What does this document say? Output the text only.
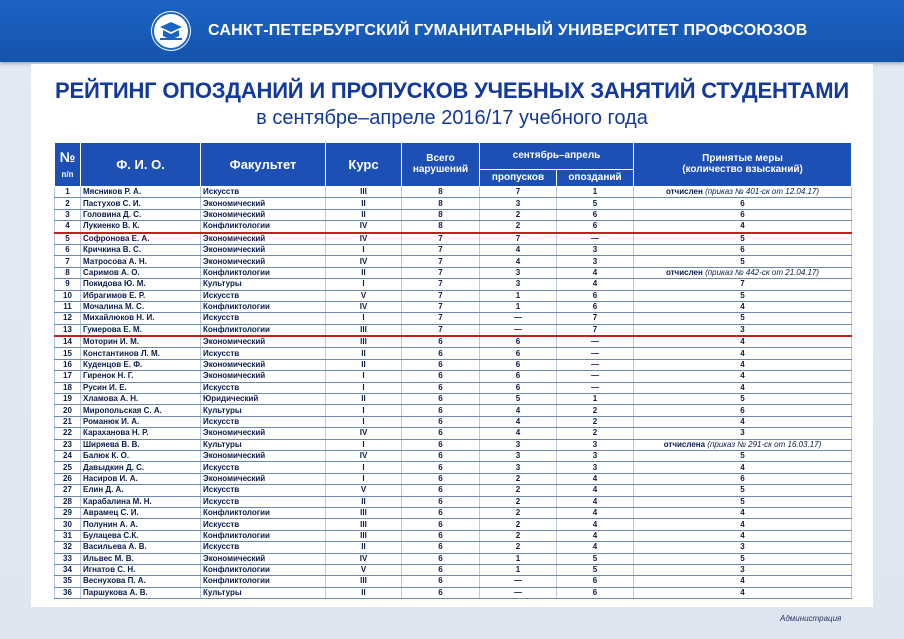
САНКТ-ПЕТЕРБУРГСКИЙ ГУМАНИТАРНЫЙ УНИВЕРСИТЕТ ПРОФСОЮЗОВ
РЕЙТИНГ ОПОЗДАНИЙ И ПРОПУСКОВ УЧЕБНЫХ ЗАНЯТИЙ СТУДЕНТАМИ
в сентябре–апреле 2016/17 учебного года
№
п/п	Ф. И. О.	Факультет	Курс	Всего
нарушений	сентябрь–апрель		Принятые меры
(количество взысканий)
					пропусков	опозданий	
1	Мясников Р. А.	Искусств	III	8	7	1	отчислен (приказ № 401-ск от 12.04.17)
2	Пастухов С. И.	Экономический	II	8	3	5	6
3	Головина Д. С.	Экономический	II	8	2	6	6
4	Лукиенко В. К.	Конфликтологии	IV	8	2	6	4
5	Софронова Е. А.	Экономический	IV	7	7	—	5
6	Кричкина В. С.	Экономический	I	7	4	3	6
7	Матросова А. Н.	Экономический	IV	7	4	3	5
8	Саримов А. О.	Конфликтологии	II	7	3	4	отчислен (приказ № 442-ск от 21.04.17)
9	Покидова Ю. М.	Культуры	I	7	3	4	7
10	Ибрагимов Е. Р.	Искусств	V	7	1	6	5
11	Мочалина М. С.	Конфликтологии	IV	7	1	6	4
12	Михайлюков Н. И.	Искусств	I	7	—	7	5
13	Гумерова Е. М.	Конфликтологии	III	7	—	7	3
14	Моторин И. М.	Экономический	III	6	6	—	4
15	Константинов Л. М.	Искусств	II	6	6	—	4
16	Куденцов Е. Ф.	Экономический	II	6	6	—	4
17	Гиренок Н. Г.	Экономический	I	6	6	—	4
18	Русин И. Е.	Искусств	I	6	6	—	4
19	Хламова А. Н.	Юридический	II	6	5	1	5
20	Миропольская С. А.	Культуры	I	6	4	2	6
21	Романюк И. А.	Искусств	I	6	4	2	4
22	Караханова Н. Р.	Экономический	IV	6	4	2	3
23	Ширяева В. В.	Культуры	I	6	3	3	отчислена (приказ № 291-ск от 16.03.17)
24	Балюк К. О.	Экономический	IV	6	3	3	5
25	Давыдкин Д. С.	Искусств	I	6	3	3	4
26	Насиров И. А.	Экономический	I	6	2	4	6
27	Елин Д. А.	Искусств	V	6	2	4	5
28	Карабалина М. Н.	Искусств	II	6	2	4	5
29	Аврамец С. И.	Конфликтологии	III	6	2	4	4
30	Полунин А. А.	Искусств	III	6	2	4	4
31	Булацева С.К.	Конфликтологии	III	6	2	4	4
32	Васильева А. В.	Искусств	II	6	2	4	3
33	Ильвес М. В.	Экономический	IV	6	1	5	5
34	Игнатов С. Н.	Конфликтологии	V	6	1	5	3
35	Веснухова П. А.	Конфликтологии	III	6	—	6	4
36	Паршукова А. В.	Культуры	II	6	—	6	4
Администрация
